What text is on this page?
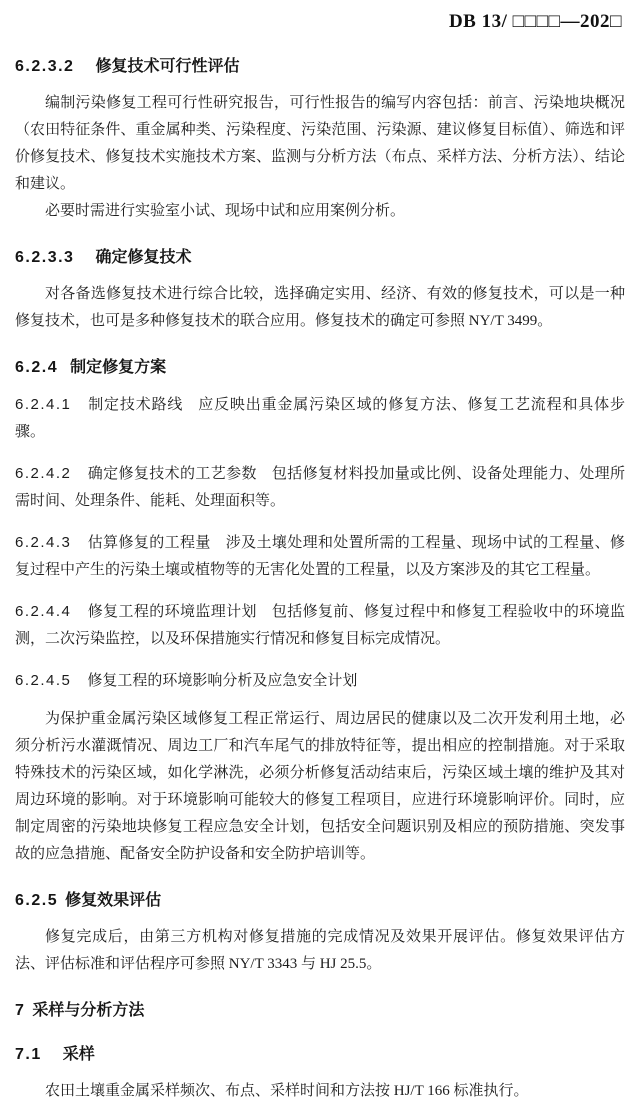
DB 13/ □□□□—202□
6.2.3.2 修复技术可行性评估

编制污染修复工程可行性研究报告，可行性报告的编写内容包括：前言、污染地块概况（农田特征条件、重金属种类、污染程度、污染范围、污染源、建议修复目标值）、筛选和评价修复技术、修复技术实施技术方案、监测与分析方法（布点、采样方法、分析方法）、结论和建议。

必要时需进行实验室小试、现场中试和应用案例分析。

6.2.3.3 确定修复技术

对各备选修复技术进行综合比较，选择确定实用、经济、有效的修复技术，可以是一种修复技术，也可是多种修复技术的联合应用。修复技术的确定可参照 NY/T 3499。

6.2.4 制定修复方案

6.2.4.1 制定技术路线 应反映出重金属污染区域的修复方法、修复工艺流程和具体步骤。

6.2.4.2 确定修复技术的工艺参数 包括修复材料投加量或比例、设备处理能力、处理所需时间、处理条件、能耗、处理面积等。

6.2.4.3 估算修复的工程量 涉及土壤处理和处置所需的工程量、现场中试的工程量、修复过程中产生的污染土壤或植物等的无害化处置的工程量，以及方案涉及的其它工程量。

6.2.4.4 修复工程的环境监理计划 包括修复前、修复过程中和修复工程验收中的环境监测，二次污染监控，以及环保措施实行情况和修复目标完成情况。

6.2.4.5 修复工程的环境影响分析及应急安全计划

为保护重金属污染区域修复工程正常运行、周边居民的健康以及二次开发利用土地，必须分析污水灌溉情况、周边工厂和汽车尾气的排放特征等，提出相应的控制措施。对于采取特殊技术的污染区域，如化学淋洗，必须分析修复活动结束后，污染区域土壤的维护及其对周边环境的影响。对于环境影响可能较大的修复工程项目，应进行环境影响评价。同时，应制定周密的污染地块修复工程应急安全计划，包括安全问题识别及相应的预防措施、突发事故的应急措施、配备安全防护设备和安全防护培训等。

6.2.5 修复效果评估

修复完成后，由第三方机构对修复措施的完成情况及效果开展评估。修复效果评估方法、评估标准和评估程序可参照 NY/T 3343 与 HJ 25.5。

7 采样与分析方法
7.1 采样

农田土壤重金属采样频次、布点、采样时间和方法按 HJ/T 166 标准执行。
